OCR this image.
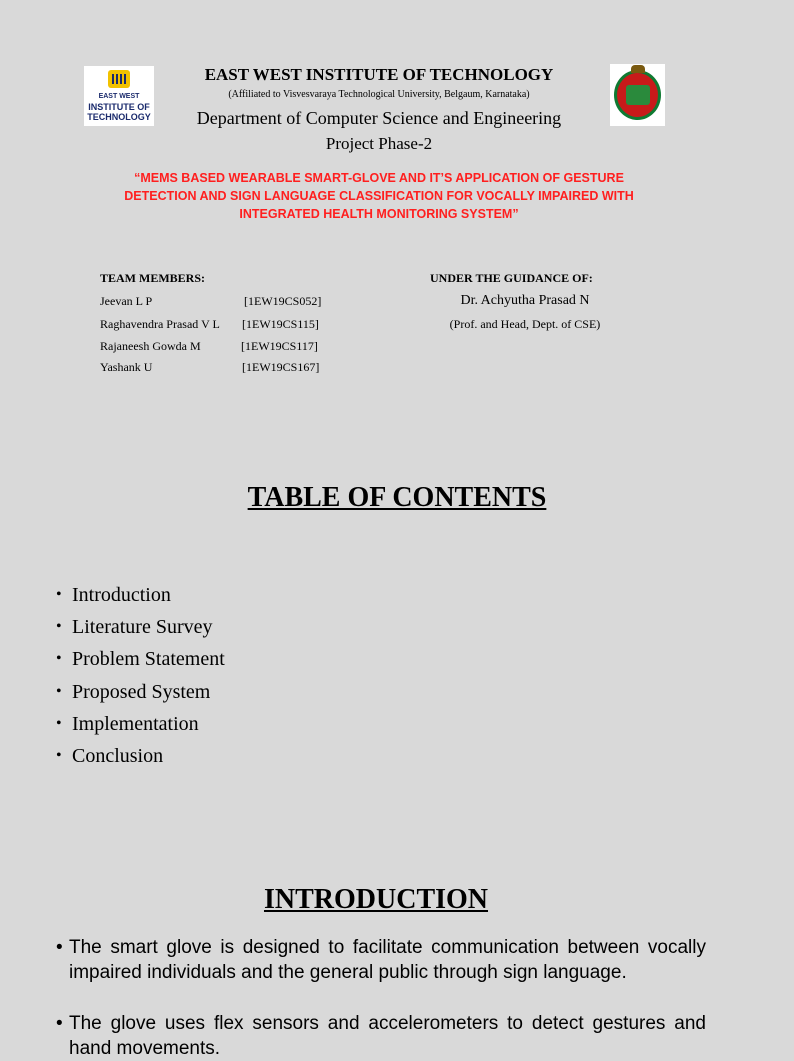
EAST WEST
INSTITUTE OF
TECHNOLOGY
EAST WEST INSTITUTE OF TECHNOLOGY
(Affiliated to Visvesvaraya Technological University, Belgaum, Karnataka)
Department of Computer Science and Engineering
Project Phase-2
“MEMS BASED WEARABLE SMART-GLOVE AND IT’S APPLICATION OF GESTURE DETECTION AND SIGN LANGUAGE CLASSIFICATION FOR VOCALLY IMPAIRED WITH INTEGRATED HEALTH MONITORING SYSTEM”
TEAM MEMBERS:
Jeevan L P	[1EW19CS052]
Raghavendra Prasad V L [1EW19CS115]
Rajaneesh Gowda M	[1EW19CS117]
Yashank U	[1EW19CS167]
UNDER THE GUIDANCE OF:
Dr. Achyutha Prasad N
(Prof. and Head, Dept. of CSE)
TABLE OF CONTENTS
• Introduction
• Literature Survey
• Problem Statement
• Proposed System
• Implementation
• Conclusion
INTRODUCTION
• The smart glove is designed to facilitate communication between vocally impaired individuals and the general public through sign language.
• The glove uses flex sensors and accelerometers to detect gestures and hand movements.
